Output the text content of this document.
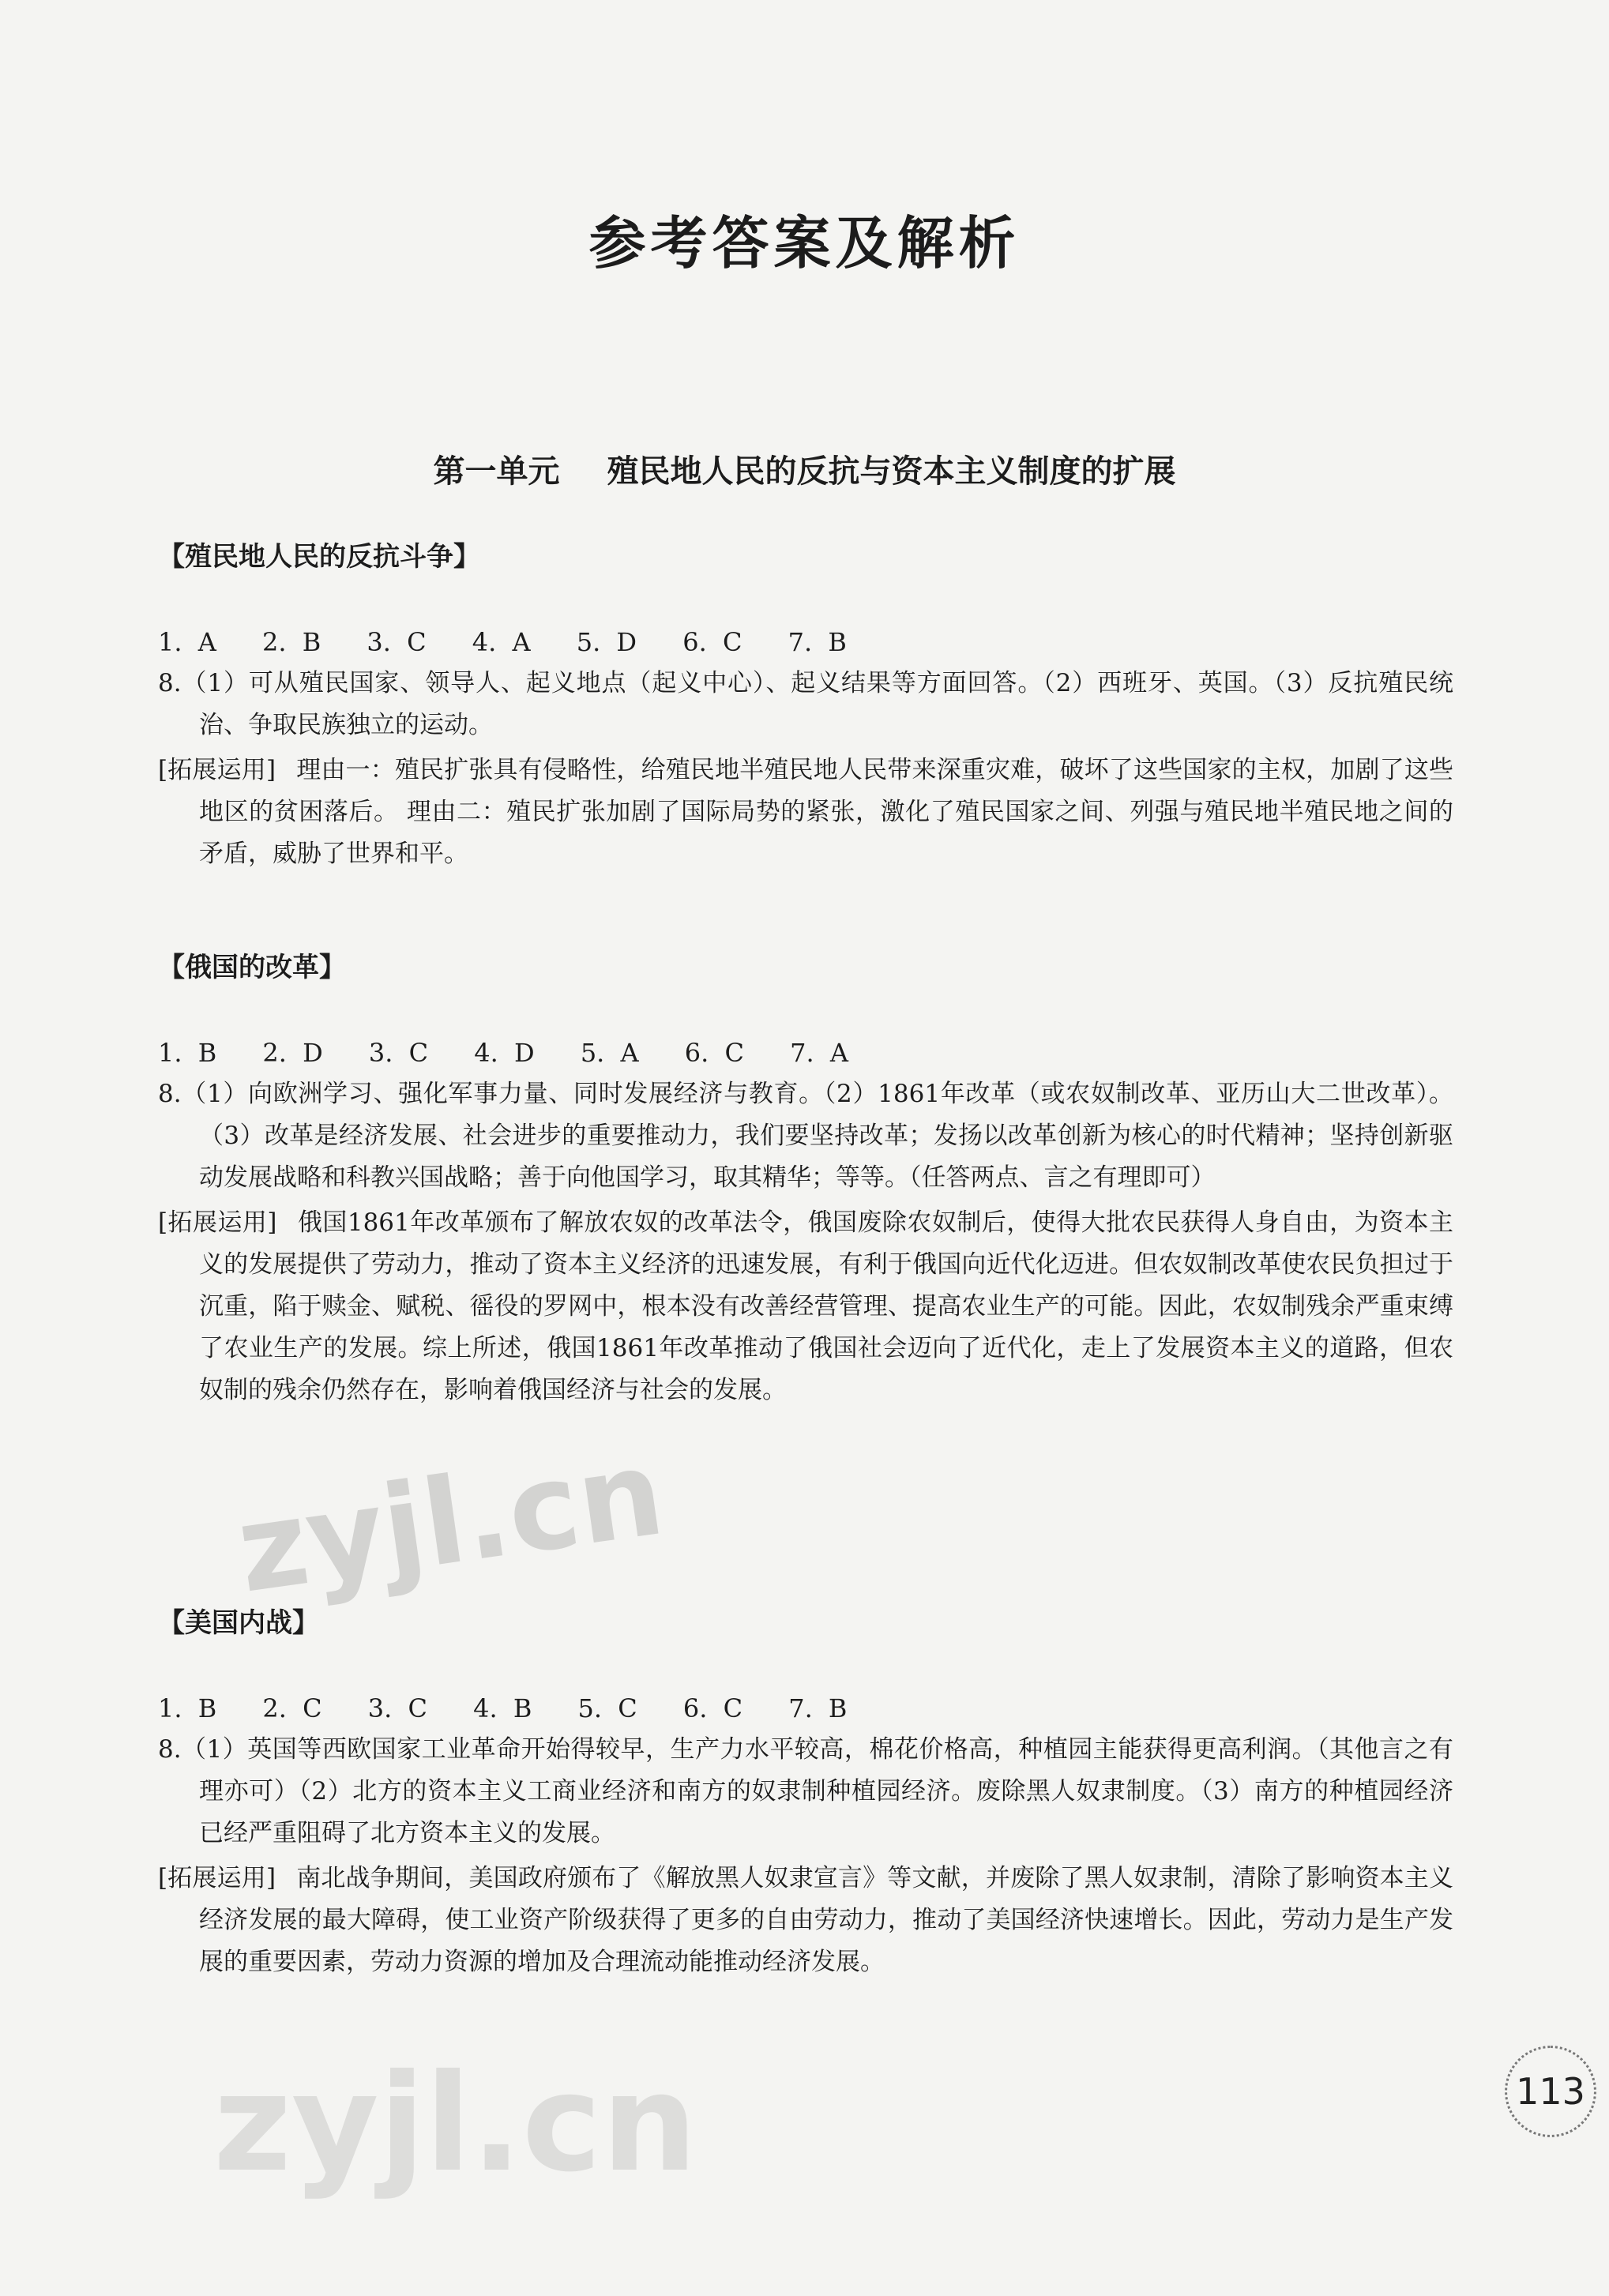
参考答案及解析
第一单元 殖民地人民的反抗与资本主义制度的扩展
【殖民地人民的反抗斗争】
1. A 2. B 3. C 4. A 5. D 6. C 7. B

8.（1）可从殖民国家、领导人、起义地点（起义中心）、起义结果等方面回答。（2）西班牙、英国。（3）反抗殖民统治、争取民族独立的运动。

[拓展运用] 理由一：殖民扩张具有侵略性，给殖民地半殖民地人民带来深重灾难，破坏了这些国家的主权，加剧了这些地区的贫困落后。 理由二：殖民扩张加剧了国际局势的紧张，激化了殖民国家之间、列强与殖民地半殖民地之间的矛盾，威胁了世界和平。

【俄国的改革】
1. B 2. D 3. C 4. D 5. A 6. C 7. A

8.（1）向欧洲学习、强化军事力量、同时发展经济与教育。（2）1861年改革（或农奴制改革、亚历山大二世改革）。（3）改革是经济发展、社会进步的重要推动力，我们要坚持改革；发扬以改革创新为核心的时代精神；坚持创新驱动发展战略和科教兴国战略；善于向他国学习，取其精华；等等。（任答两点、言之有理即可）

[拓展运用] 俄国1861年改革颁布了解放农奴的改革法令，俄国废除农奴制后，使得大批农民获得人身自由，为资本主义的发展提供了劳动力，推动了资本主义经济的迅速发展，有利于俄国向近代化迈进。但农奴制改革使农民负担过于沉重，陷于赎金、赋税、徭役的罗网中，根本没有改善经营管理、提高农业生产的可能。因此，农奴制残余严重束缚了农业生产的发展。综上所述，俄国1861年改革推动了俄国社会迈向了近代化，走上了发展资本主义的道路，但农奴制的残余仍然存在，影响着俄国经济与社会的发展。

【美国内战】
1. B 2. C 3. C 4. B 5. C 6. C 7. B

8.（1）英国等西欧国家工业革命开始得较早，生产力水平较高，棉花价格高，种植园主能获得更高利润。（其他言之有理亦可）（2）北方的资本主义工商业经济和南方的奴隶制种植园经济。废除黑人奴隶制度。（3）南方的种植园经济已经严重阻碍了北方资本主义的发展。

[拓展运用] 南北战争期间，美国政府颁布了《解放黑人奴隶宣言》等文献，并废除了黑人奴隶制，清除了影响资本主义经济发展的最大障碍，使工业资产阶级获得了更多的自由劳动力，推动了美国经济快速增长。因此，劳动力是生产发展的重要因素，劳动力资源的增加及合理流动能推动经济发展。

zyjl.cn
zyjl.cn	113
